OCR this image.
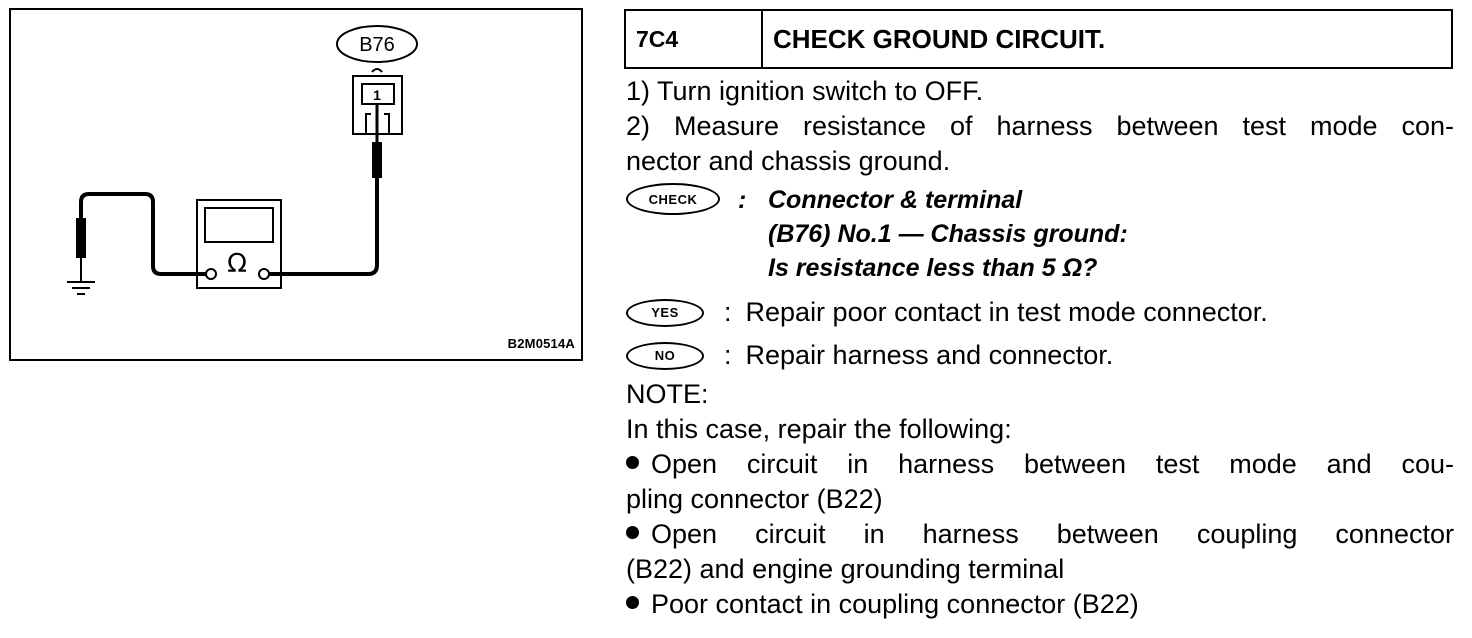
B76
1
Ω
B2M0514A
7C4	CHECK GROUND CIRCUIT.
1) Turn ignition switch to OFF.
2) Measure resistance of harness between test mode con-
nector and chassis ground.
CHECK	: Connector & terminal
(B76) No.1 — Chassis ground:
Is resistance less than 5 Ω?
YES	: Repair poor contact in test mode connector.
NO	: Repair harness and connector.
NOTE:
In this case, repair the following:
Open circuit in harness between test mode and cou-
pling connector (B22)
Open circuit in harness between coupling connector
(B22) and engine grounding terminal
Poor contact in coupling connector (B22)
